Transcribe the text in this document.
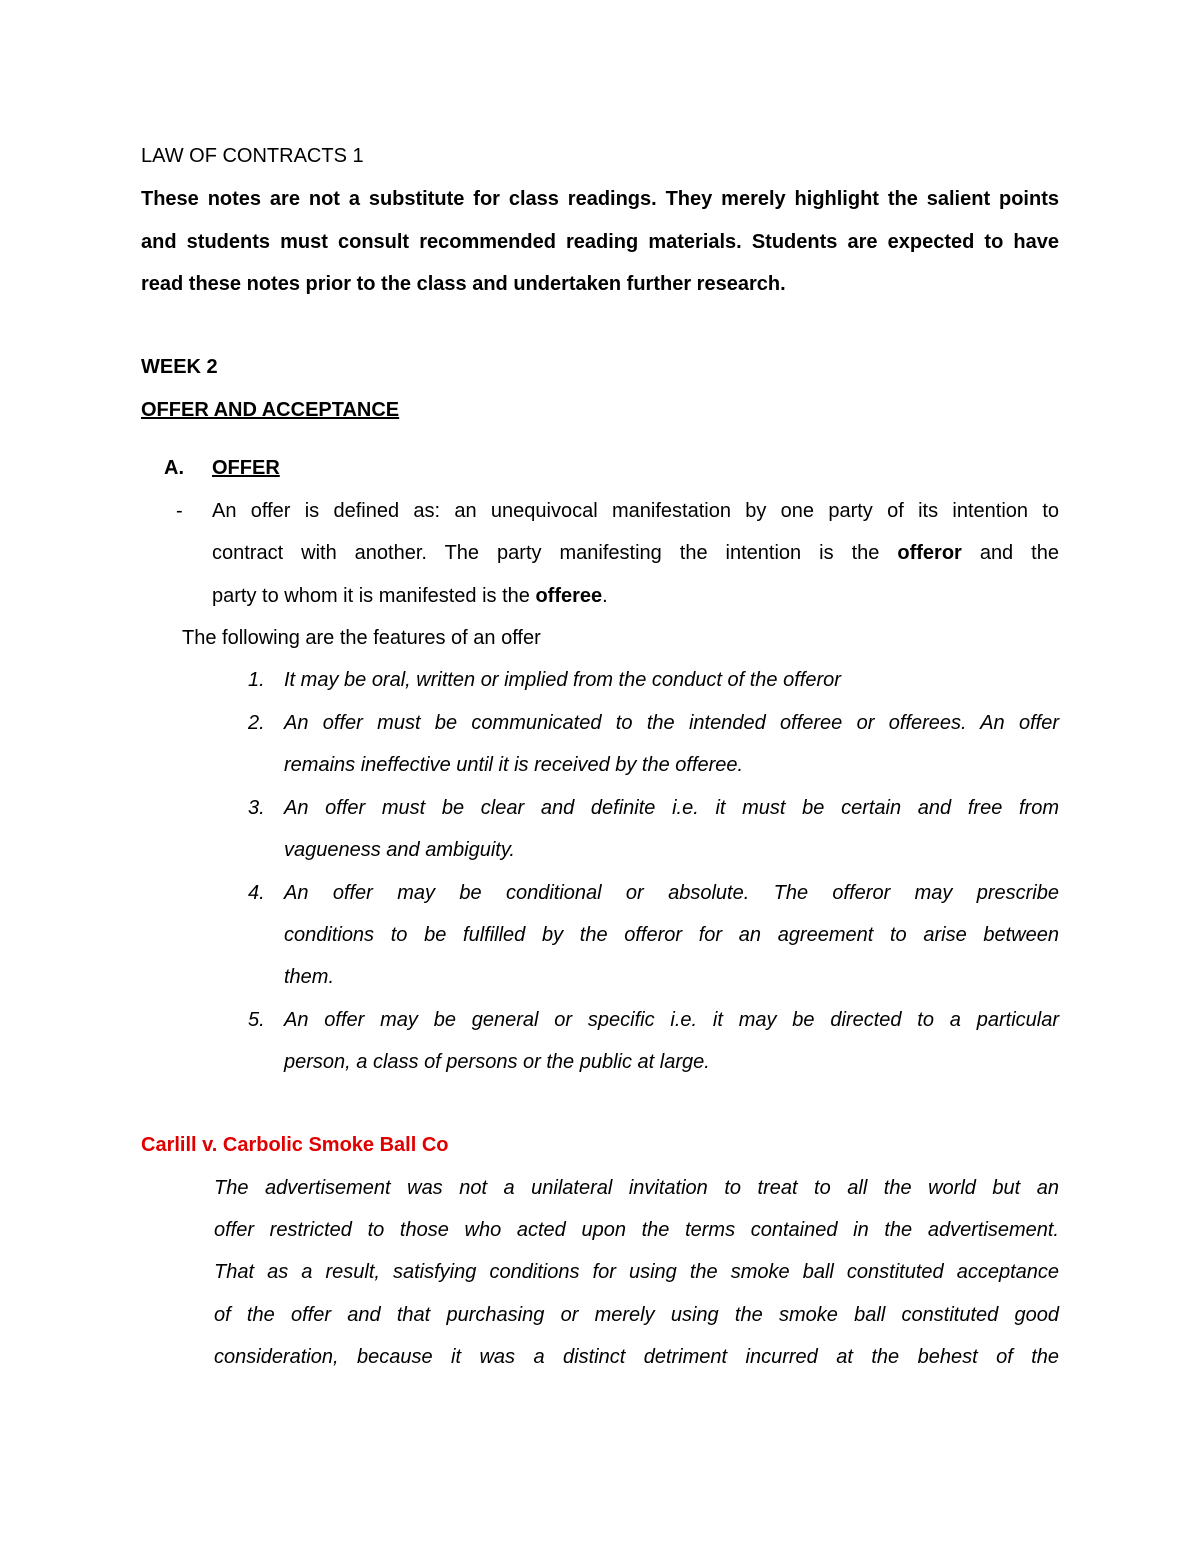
LAW OF CONTRACTS 1
These notes are not a substitute for class readings. They merely highlight the salient points
and students must consult recommended reading materials. Students are expected to have
read these notes prior to the class and undertaken further research.
WEEK 2
OFFER AND ACCEPTANCE
A. OFFER
- An offer is defined as: an unequivocal manifestation by one party of its intention to
contract with another. The party manifesting the intention is the offeror and the
party to whom it is manifested is the offeree.
The following are the features of an offer
1. It may be oral, written or implied from the conduct of the offeror
2. An offer must be communicated to the intended offeree or offerees. An offer
remains ineffective until it is received by the offeree.
3. An offer must be clear and definite i.e. it must be certain and free from
vagueness and ambiguity.
4. An offer may be conditional or absolute. The offeror may prescribe
conditions to be fulfilled by the offeror for an agreement to arise between
them.
5. An offer may be general or specific i.e. it may be directed to a particular
person, a class of persons or the public at large.
Carlill v. Carbolic Smoke Ball Co
The advertisement was not a unilateral invitation to treat to all the world but an
offer restricted to those who acted upon the terms contained in the advertisement.
That as a result, satisfying conditions for using the smoke ball constituted acceptance
of the offer and that purchasing or merely using the smoke ball constituted good
consideration, because it was a distinct detriment incurred at the behest of the
